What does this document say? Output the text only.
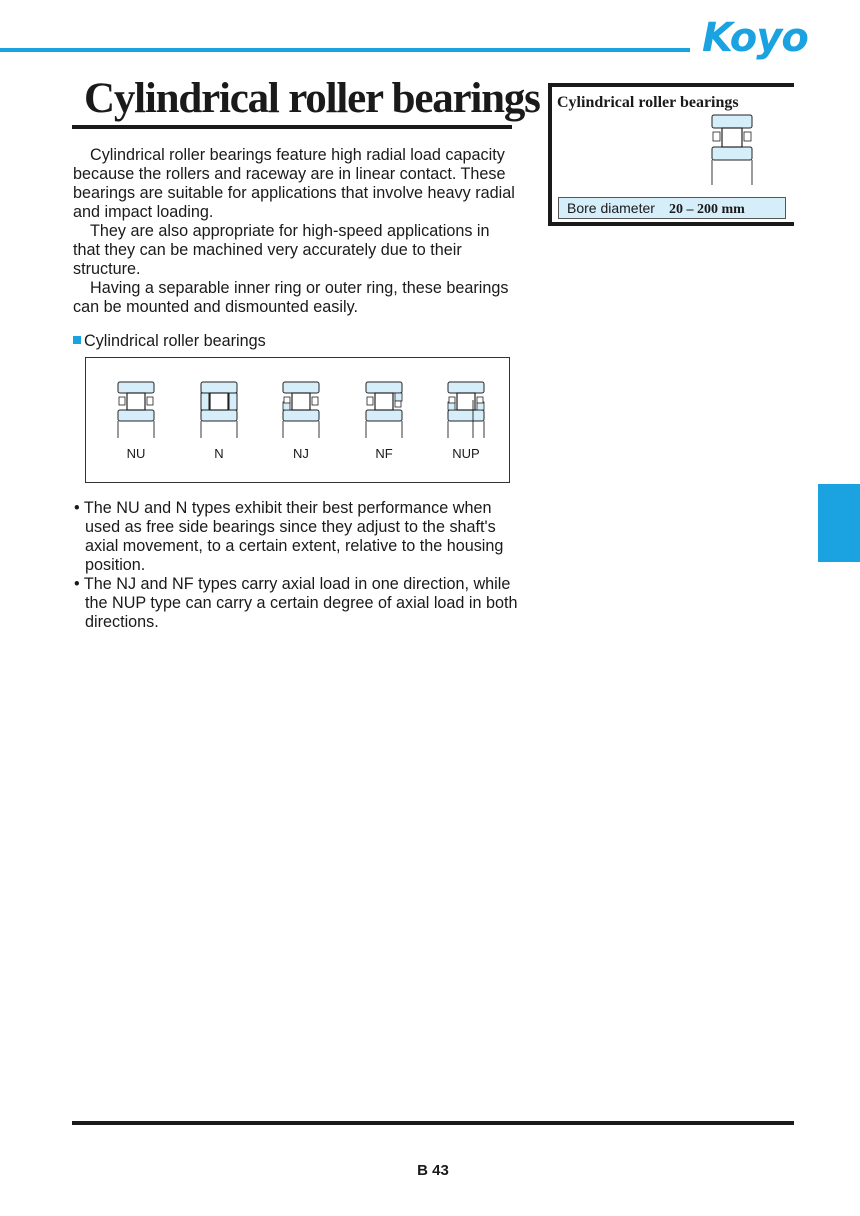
Koyo
Cylindrical roller bearings

Cylindrical roller bearings feature high radial load capacity because the rollers and raceway are in linear contact. These bearings are suitable for applications that involve heavy radial and impact loading.

They are also appropriate for high-speed applications in that they can be machined very accurately due to their structure.

Having a separable inner ring or outer ring, these bearings can be mounted and dismounted easily.

Cylindrical roller bearings
NU	N	NJ	NF	NUP

• The NU and N types exhibit their best performance when used as free side bearings since they adjust to the shaft's axial movement, to a certain extent, relative to the housing position.

• The NJ and NF types carry axial load in one direction, while the NUP type can carry a certain degree of axial load in both directions.

Cylindrical roller bearings
Bore diameter 20 – 200 mm
B 43
